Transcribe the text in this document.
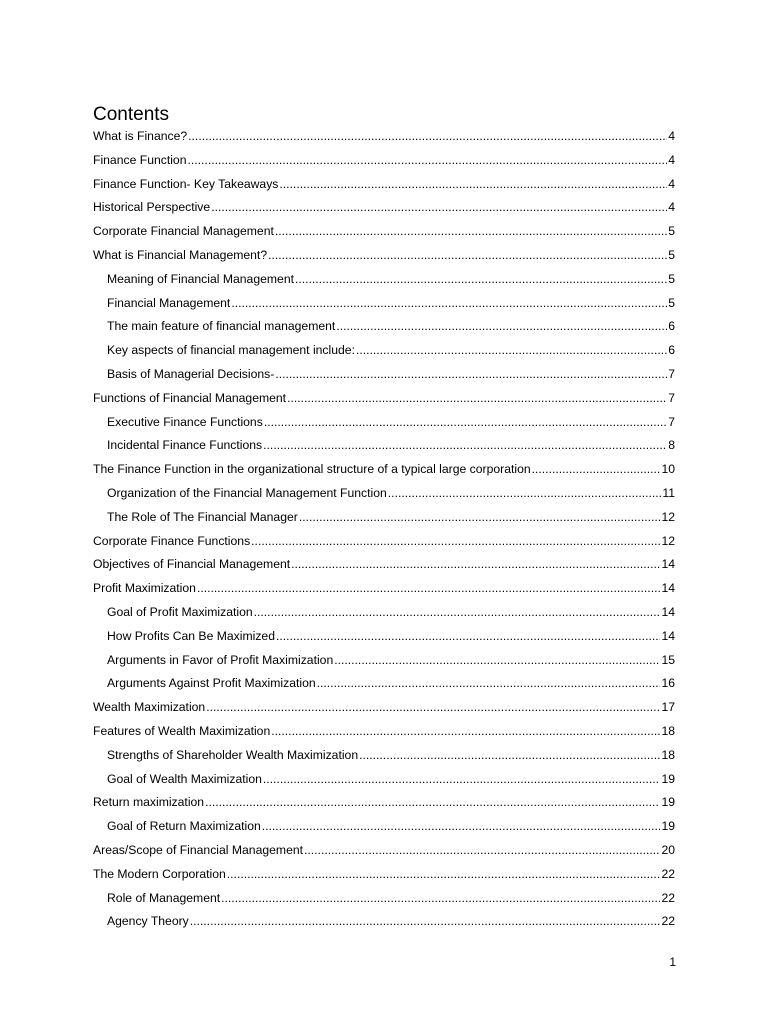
Contents
What is Finance? .....	4
Finance Function .....	4
Finance Function- Key Takeaways .....	4
Historical Perspective .....	4
Corporate Financial Management .....	5
What is Financial Management? .....	5
Meaning of Financial Management .....	5
Financial Management .....	5
The main feature of financial management .....	6
Key aspects of financial management include: .....	6
Basis of Managerial Decisions- .....	7
Functions of Financial Management .....	7
Executive Finance Functions .....	7
Incidental Finance Functions .....	8
The Finance Function in the organizational structure of a typical large corporation .....	10
Organization of the Financial Management Function .....	11
The Role of The Financial Manager .....	12
Corporate Finance Functions .....	12
Objectives of Financial Management .....	14
Profit Maximization .....	14
Goal of Profit Maximization .....	14
How Profits Can Be Maximized .....	14
Arguments in Favor of Profit Maximization .....	15
Arguments Against Profit Maximization .....	16
Wealth Maximization .....	17
Features of Wealth Maximization .....	18
Strengths of Shareholder Wealth Maximization .....	18
Goal of Wealth Maximization .....	19
Return maximization .....	19
Goal of Return Maximization .....	19
Areas/Scope of Financial Management .....	20
The Modern Corporation .....	22
Role of Management .....	22
Agency Theory .....	22
1
